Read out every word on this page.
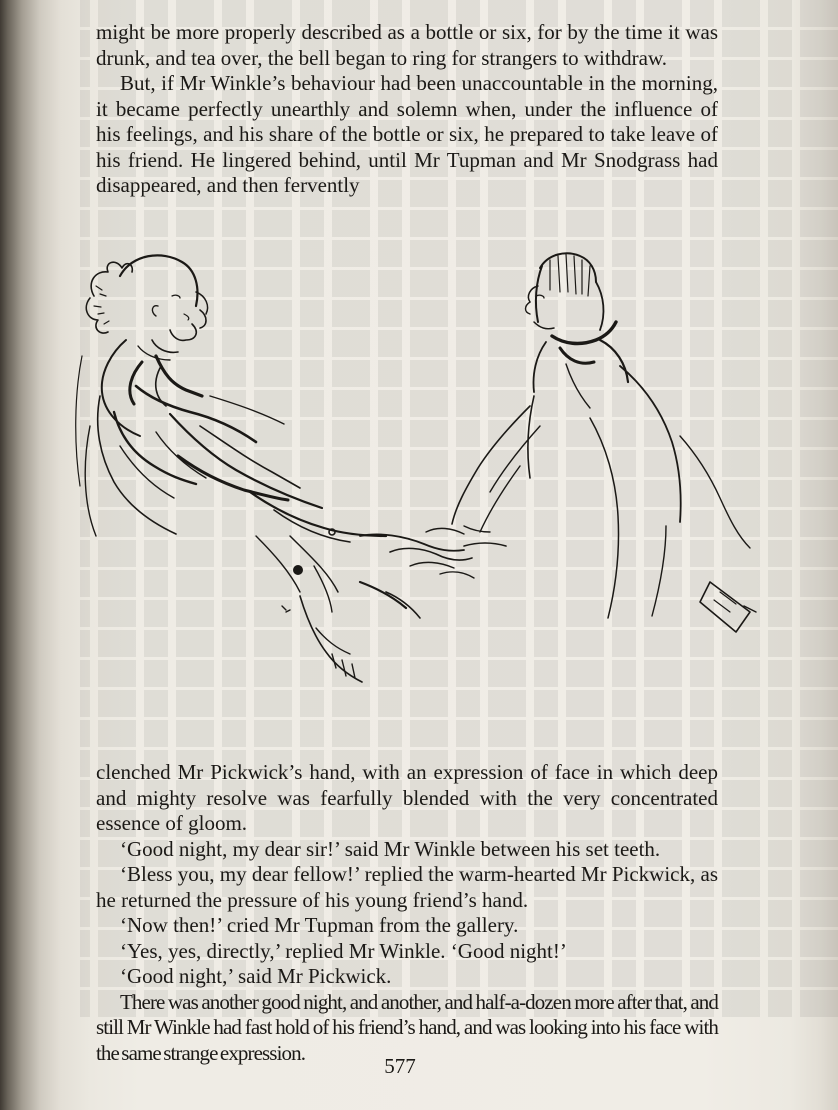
might be more properly described as a bottle or six, for by the time it was drunk, and tea over, the bell began to ring for strangers to withdraw.

But, if Mr Winkle’s behaviour had been unaccountable in the morning, it became perfectly unearthly and solemn when, under the influence of his feelings, and his share of the bottle or six, he prepared to take leave of his friend. He lingered behind, until Mr Tupman and Mr Snodgrass had disappeared, and then fervently

clenched Mr Pickwick’s hand, with an expression of face in which deep and mighty resolve was fearfully blended with the very concentrated essence of gloom.

‘Good night, my dear sir!’ said Mr Winkle between his set teeth.

‘Bless you, my dear fellow!’ replied the warm-hearted Mr Pickwick, as he returned the pressure of his young friend’s hand.

‘Now then!’ cried Mr Tupman from the gallery.

‘Yes, yes, directly,’ replied Mr Winkle. ‘Good night!’

‘Good night,’ said Mr Pickwick.

There was another good night, and another, and half-a-dozen more after that, and still Mr Winkle had fast hold of his friend’s hand, and was looking into his face with the same strange expression.

577
